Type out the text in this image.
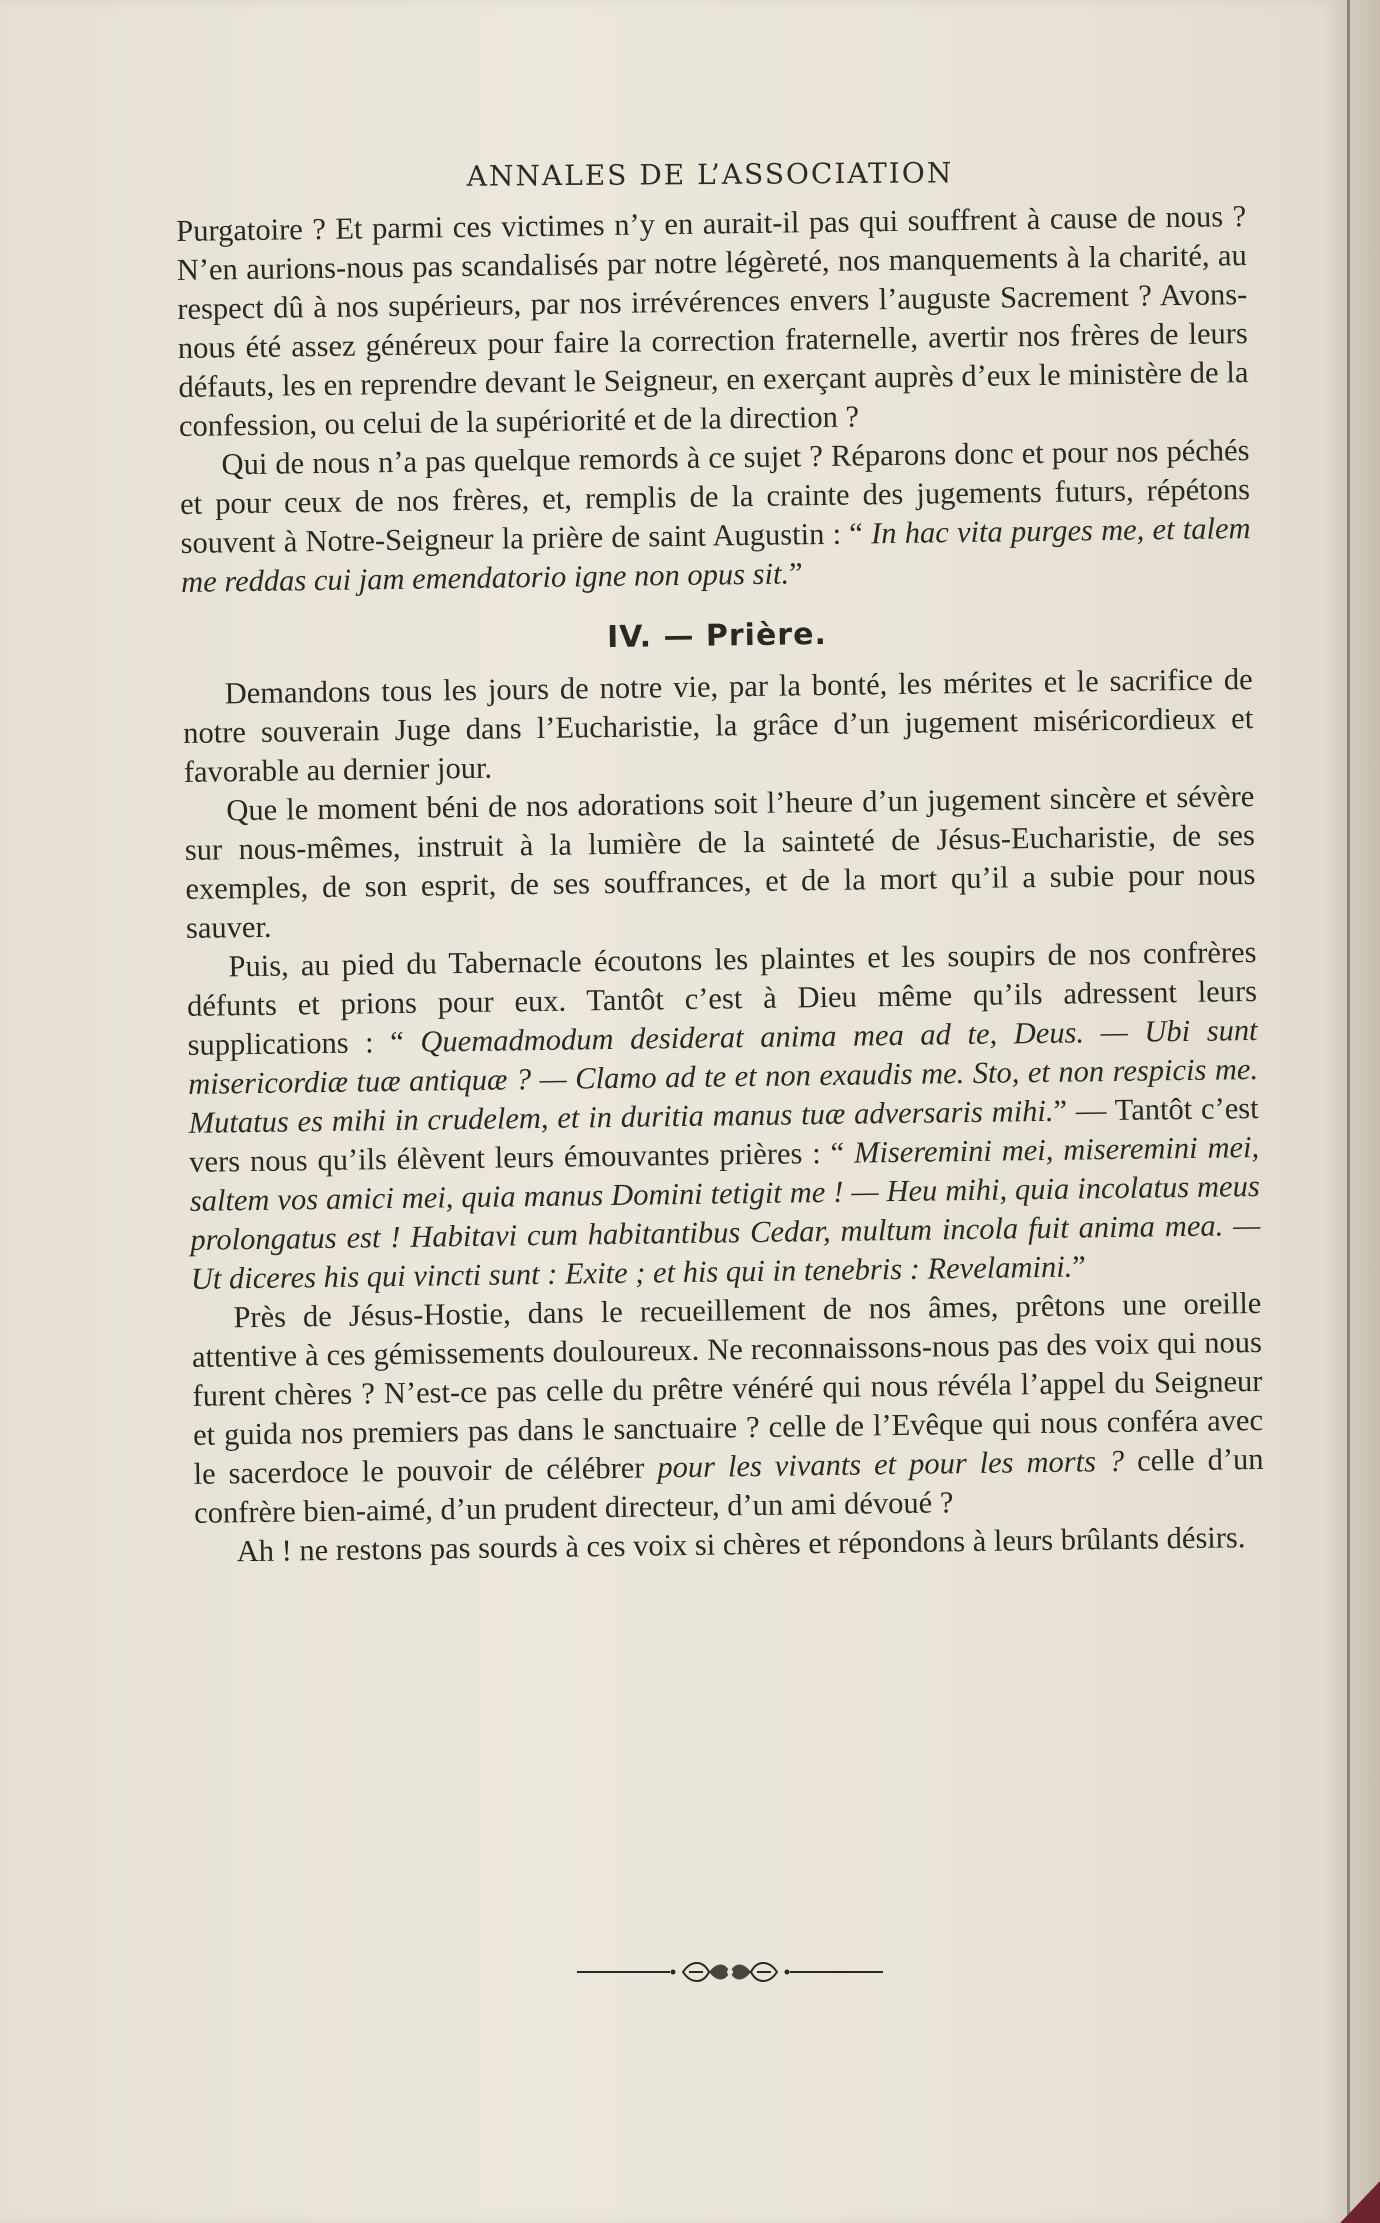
ANNALES DE L’ASSOCIATION

Purgatoire ? Et parmi ces victimes n’y en aurait-il pas qui souffrent à cause de nous ? N’en aurions-nous pas scandalisés par notre légèreté, nos manquements à la charité, au respect dû à nos supérieurs, par nos irrévérences envers l’auguste Sacrement ? Avons-nous été assez généreux pour faire la correction fraternelle, avertir nos frères de leurs défauts, les en reprendre devant le Seigneur, en exerçant auprès d’eux le ministère de la confession, ou celui de la supériorité et de la direction ?

Qui de nous n’a pas quelque remords à ce sujet ? Réparons donc et pour nos péchés et pour ceux de nos frères, et, remplis de la crainte des jugements futurs, répétons souvent à Notre-Seigneur la prière de saint Augustin : “ In hac vita purges me, et talem me reddas cui jam emendatorio igne non opus sit.”

IV. — Prière.

Demandons tous les jours de notre vie, par la bonté, les mérites et le sacrifice de notre souverain Juge dans l’Eucharistie, la grâce d’un jugement miséricordieux et favorable au dernier jour.

Que le moment béni de nos adorations soit l’heure d’un jugement sincère et sévère sur nous-mêmes, instruit à la lumière de la sainteté de Jésus-Eucharistie, de ses exemples, de son esprit, de ses souffrances, et de la mort qu’il a subie pour nous sauver.

Puis, au pied du Tabernacle écoutons les plaintes et les soupirs de nos confrères défunts et prions pour eux. Tantôt c’est à Dieu même qu’ils adressent leurs supplications : “ Quemadmodum desiderat anima mea ad te, Deus. — Ubi sunt misericordiæ tuæ antiquæ ? — Clamo ad te et non exaudis me. Sto, et non respicis me. Mutatus es mihi in crudelem, et in duritia manus tuæ adversaris mihi.” — Tantôt c’est vers nous qu’ils élèvent leurs émouvantes prières : “ Miseremini mei, miseremini mei, saltem vos amici mei, quia manus Domini tetigit me ! — Heu mihi, quia incolatus meus prolongatus est ! Habitavi cum habitantibus Cedar, multum incola fuit anima mea. — Ut diceres his qui vincti sunt : Exite ; et his qui in tenebris : Revelamini.”

Près de Jésus-Hostie, dans le recueillement de nos âmes, prêtons une oreille attentive à ces gémissements douloureux. Ne reconnaissons-nous pas des voix qui nous furent chères ? N’est-ce pas celle du prêtre vénéré qui nous révéla l’appel du Seigneur et guida nos premiers pas dans le sanctuaire ? celle de l’Evêque qui nous conféra avec le sacerdoce le pouvoir de célébrer pour les vivants et pour les morts ? celle d’un confrère bien-aimé, d’un prudent directeur, d’un ami dévoué ?

Ah ! ne restons pas sourds à ces voix si chères et répondons à leurs brûlants désirs.
